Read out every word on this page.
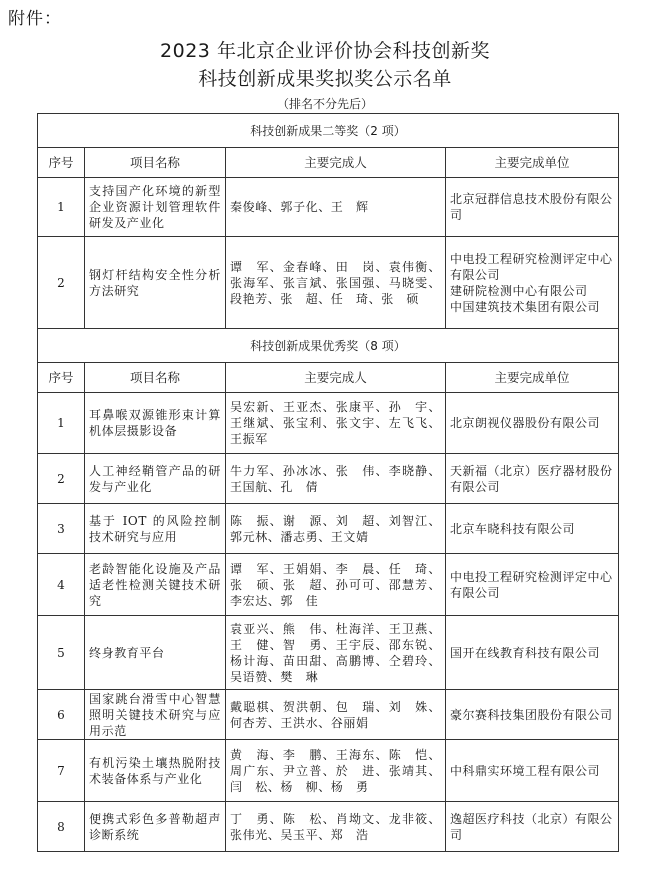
附件：
2023 年北京企业评价协会科技创新奖
科技创新成果奖拟奖公示名单
（排名不分先后）
科技创新成果二等奖（2 项）			
序号	项目名称	主要完成人	主要完成单位
1	支持国产化环境的新型企业资源计划管理软件研发及产业化	秦俊峰、郭子化、王　辉	北京冠群信息技术股份有限公司
2	钢灯杆结构安全性分析方法研究	谭　军、金春峰、田　岗、袁伟衡、张海军、张言斌、张国强、马晓雯、段艳芳、张　超、任　琦、张　硕	中电投工程研究检测评定中心有限公司
建研院检测中心有限公司
中国建筑技术集团有限公司

科技创新成果优秀奖（8 项）			
序号	项目名称	主要完成人	主要完成单位
1	耳鼻喉双源锥形束计算机体层摄影设备	吴宏新、王亚杰、张康平、孙　宇、王继斌、张宝利、张文宇、左飞飞、王振军	北京朗视仪器股份有限公司
2	人工神经鞘管产品的研发与产业化	牛力军、孙冰冰、张　伟、李晓静、王国航、孔　倩	天新福（北京）医疗器材股份有限公司
3	基于 IOT 的风险控制技术研究与应用	陈　振、谢　源、刘　超、刘智江、郭元林、潘志勇、王文婧	北京车晓科技有限公司
4	老龄智能化设施及产品适老性检测关键技术研究	谭　军、王娟娟、李　晨、任　琦、张　硕、张　超、孙可可、邵慧芳、李宏达、郭　佳	中电投工程研究检测评定中心有限公司
5	终身教育平台	袁亚兴、熊　伟、杜海洋、王卫燕、王　健、智　勇、王宇辰、邵东锐、杨计海、苗田甜、高鹏博、仝碧玲、吴语赞、樊　琳	国开在线教育科技有限公司
6	国家跳台滑雪中心智慧照明关键技术研究与应用示范	戴聪棋、贺洪朝、包　瑞、刘　姝、何杏芳、王洪水、谷丽娟	豪尔赛科技集团股份有限公司
7	有机污染土壤热脱附技术装备体系与产业化	黄　海、李　鹏、王海东、陈　恺、周广东、尹立普、於　进、张靖其、闫　松、杨　柳、杨　勇	中科鼎实环境工程有限公司
8	便携式彩色多普勒超声诊断系统	丁　勇、陈　松、肖坳文、龙非筱、张伟光、吴玉平、郑　浩	逸超医疗科技（北京）有限公司
